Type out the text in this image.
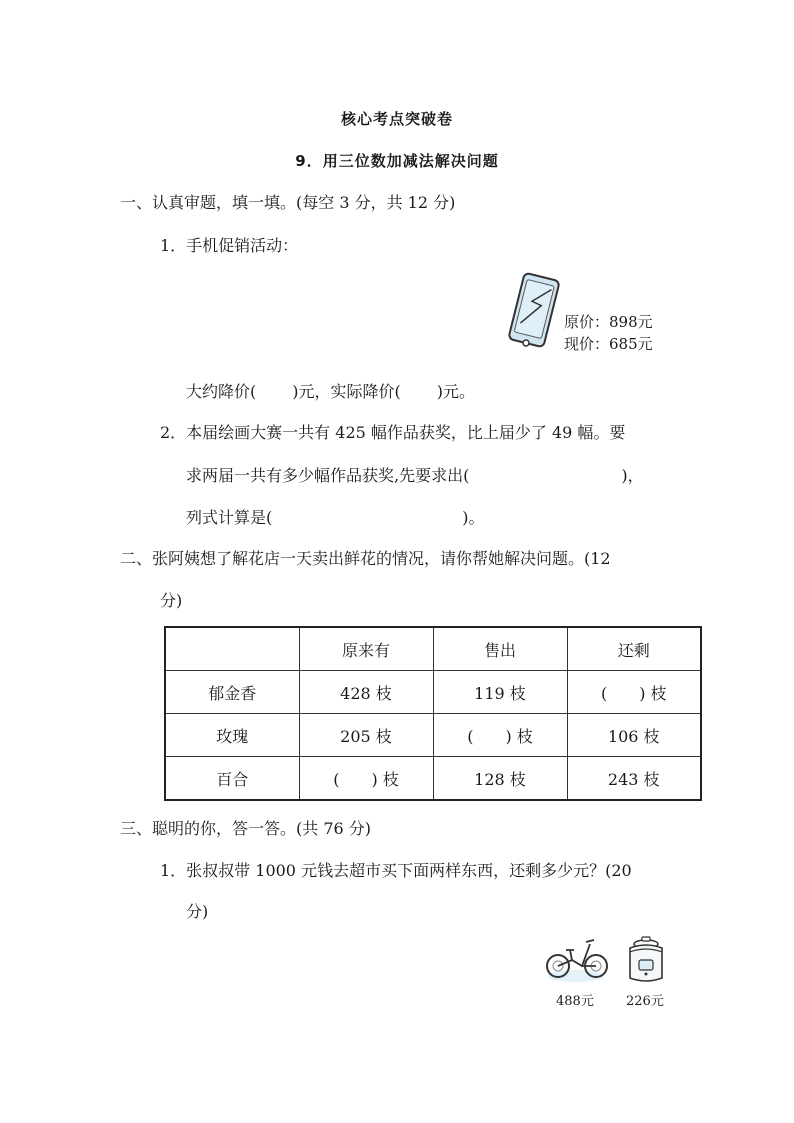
核心考点突破卷
9．用三位数加减法解决问题
一、认真审题，填一填。(每空 3 分，共 12 分)
1．手机促销活动：
原价：898元
现价：685元
大约降价( )元，实际降价( )元。
2．本届绘画大赛一共有 425 幅作品获奖，比上届少了 49 幅。要
求两届一共有多少幅作品获奖,先要求出(	)，
列式计算是(	)。
二、张阿姨想了解花店一天卖出鲜花的情况，请你帮她解决问题。(12
分)
	原来有	售出	还剩
郁金香	428 枝	119 枝	(　　) 枝
玫瑰	205 枝	(　　) 枝	106 枝
百合	(　　) 枝	128 枝	243 枝
三、聪明的你，答一答。(共 76 分)
1．张叔叔带 1000 元钱去超市买下面两样东西，还剩多少元？(20
分)
488元 226元
